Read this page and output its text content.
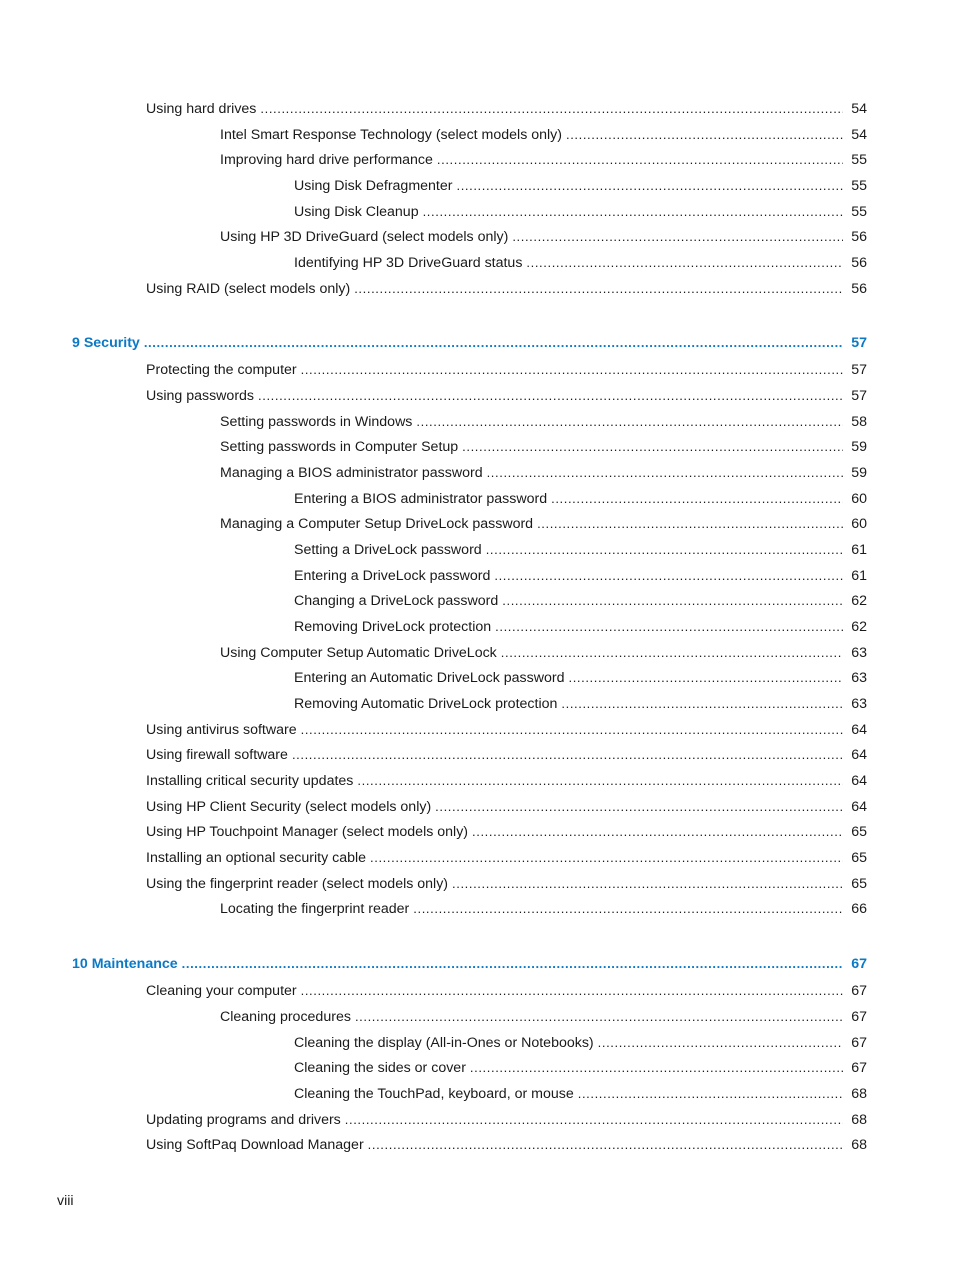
Using hard drives .....	54
Intel Smart Response Technology (select models only) .....	54
Improving hard drive performance .....	55
Using Disk Defragmenter .....	55
Using Disk Cleanup .....	55
Using HP 3D DriveGuard (select models only) .....	56
Identifying HP 3D DriveGuard status .....	56
Using RAID (select models only) .....	56
9 Security .....	57
Protecting the computer .....	57
Using passwords .....	57
Setting passwords in Windows .....	58
Setting passwords in Computer Setup .....	59
Managing a BIOS administrator password .....	59
Entering a BIOS administrator password .....	60
Managing a Computer Setup DriveLock password .....	60
Setting a DriveLock password .....	61
Entering a DriveLock password .....	61
Changing a DriveLock password .....	62
Removing DriveLock protection .....	62
Using Computer Setup Automatic DriveLock .....	63
Entering an Automatic DriveLock password .....	63
Removing Automatic DriveLock protection .....	63
Using antivirus software .....	64
Using firewall software .....	64
Installing critical security updates .....	64
Using HP Client Security (select models only) .....	64
Using HP Touchpoint Manager (select models only) .....	65
Installing an optional security cable .....	65
Using the fingerprint reader (select models only) .....	65
Locating the fingerprint reader .....	66
10 Maintenance .....	67
Cleaning your computer .....	67
Cleaning procedures .....	67
Cleaning the display (All-in-Ones or Notebooks) .....	67
Cleaning the sides or cover .....	67
Cleaning the TouchPad, keyboard, or mouse .....	68
Updating programs and drivers .....	68
Using SoftPaq Download Manager .....	68
viii
